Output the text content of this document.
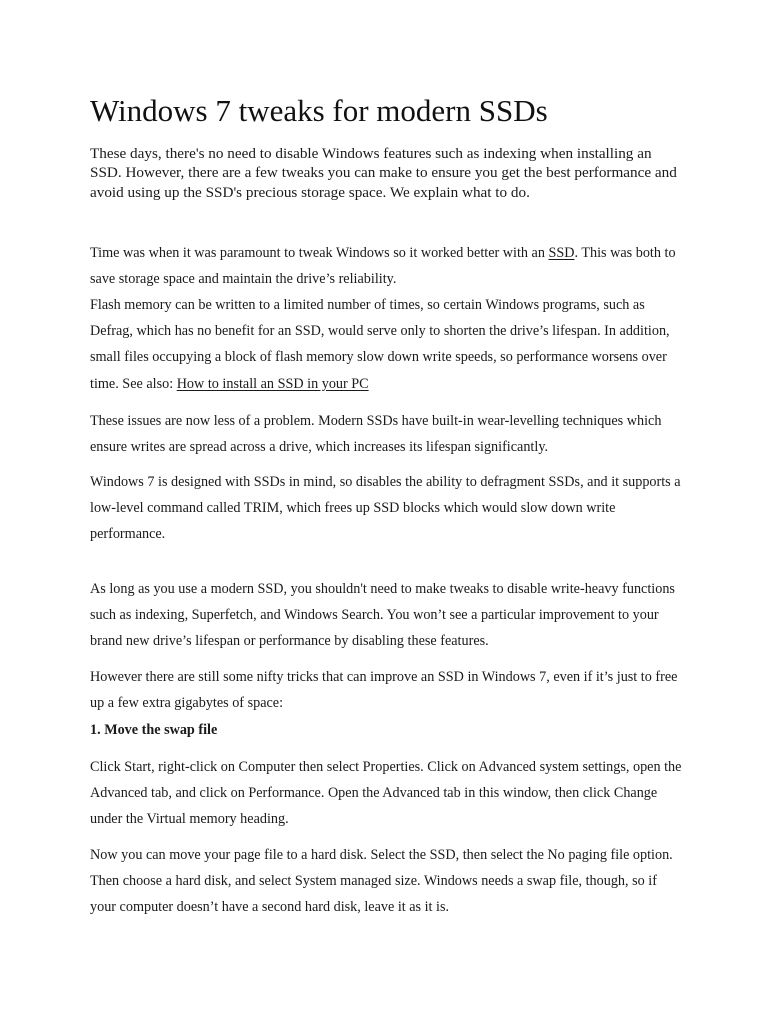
Windows 7 tweaks for modern SSDs

These days, there's no need to disable Windows features such as indexing when installing an SSD. However, there are a few tweaks you can make to ensure you get the best performance and avoid using up the SSD's precious storage space. We explain what to do.

Time was when it was paramount to tweak Windows so it worked better with an SSD. This was both to save storage space and maintain the drive’s reliability.

Flash memory can be written to a limited number of times, so certain Windows programs, such as Defrag, which has no benefit for an SSD, would serve only to shorten the drive’s lifespan. In addition, small files occupying a block of flash memory slow down write speeds, so performance worsens over time. See also: How to install an SSD in your PC

These issues are now less of a problem. Modern SSDs have built-in wear-levelling techniques which ensure writes are spread across a drive, which increases its lifespan significantly.

Windows 7 is designed with SSDs in mind, so disables the ability to defragment SSDs, and it supports a low-level command called TRIM, which frees up SSD blocks which would slow down write performance.

As long as you use a modern SSD, you shouldn't need to make tweaks to disable write-heavy functions such as indexing, Superfetch, and Windows Search. You won’t see a particular improvement to your brand new drive’s lifespan or performance by disabling these features.

However there are still some nifty tricks that can improve an SSD in Windows 7, even if it’s just to free up a few extra gigabytes of space:

1. Move the swap file

Click Start, right-click on Computer then select Properties. Click on Advanced system settings, open the Advanced tab, and click on Performance. Open the Advanced tab in this window, then click Change under the Virtual memory heading.

Now you can move your page file to a hard disk. Select the SSD, then select the No paging file option. Then choose a hard disk, and select System managed size. Windows needs a swap file, though, so if your computer doesn’t have a second hard disk, leave it as it is.
